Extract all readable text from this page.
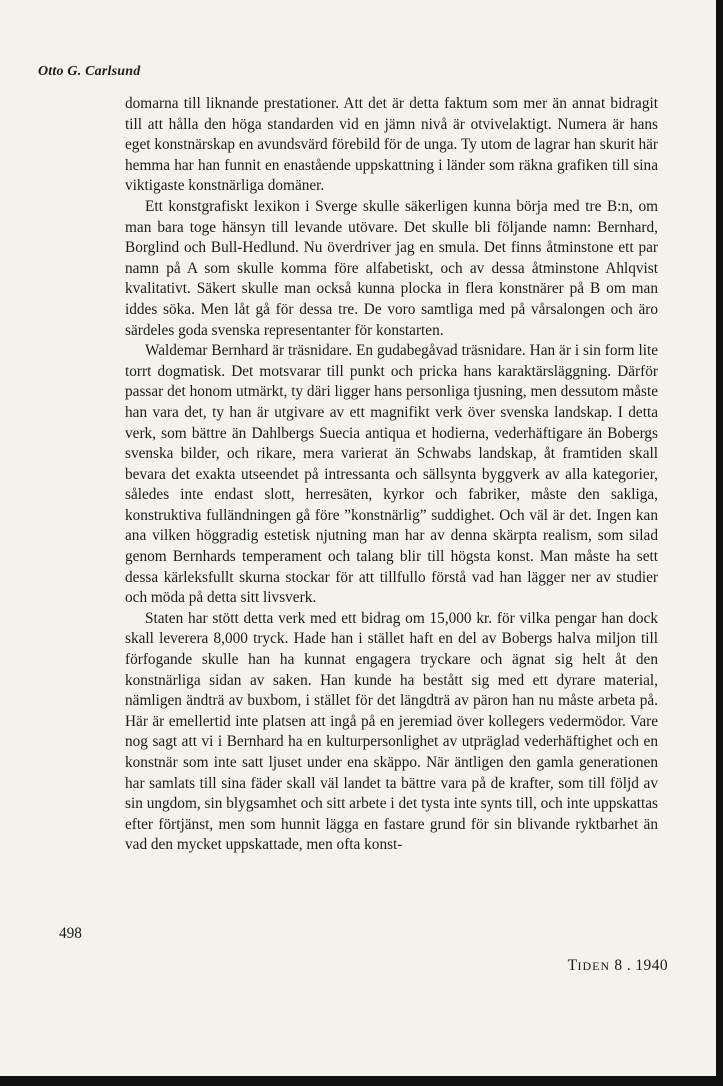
Otto G. Carlsund

domarna till liknande prestationer. Att det är detta faktum som mer än annat bidragit till att hålla den höga standarden vid en jämn nivå är otvivelaktigt. Numera är hans eget konstnärskap en avundsvärd förebild för de unga. Ty utom de lagrar han skurit här hemma har han funnit en enastående uppskattning i länder som räkna grafiken till sina viktigaste konstnärliga domäner.

Ett konstgrafiskt lexikon i Sverge skulle säkerligen kunna börja med tre B:n, om man bara toge hänsyn till levande utövare. Det skulle bli följande namn: Bernhard, Borglind och Bull-Hedlund. Nu överdriver jag en smula. Det finns åtminstone ett par namn på A som skulle komma före alfabetiskt, och av dessa åtminstone Ahlqvist kvalitativt. Säkert skulle man också kunna plocka in flera konstnärer på B om man iddes söka. Men låt gå för dessa tre. De voro samtliga med på vårsalongen och äro särdeles goda svenska representanter för konstarten.

Waldemar Bernhard är träsnidare. En gudabegåvad träsnidare. Han är i sin form lite torrt dogmatisk. Det motsvarar till punkt och pricka hans karaktärsläggning. Därför passar det honom utmärkt, ty däri ligger hans personliga tjusning, men dessutom måste han vara det, ty han är utgivare av ett magnifikt verk över svenska landskap. I detta verk, som bättre än Dahlbergs Suecia antiqua et hodierna, vederhäftigare än Bobergs svenska bilder, och rikare, mera varierat än Schwabs landskap, åt framtiden skall bevara det exakta utseendet på intressanta och sällsynta byggverk av alla kategorier, således inte endast slott, herresäten, kyrkor och fabriker, måste den sakliga, konstruktiva fulländningen gå före ”konstnärlig” suddighet. Och väl är det. Ingen kan ana vilken höggradig estetisk njutning man har av denna skärpta realism, som silad genom Bernhards temperament och talang blir till högsta konst. Man måste ha sett dessa kärleksfullt skurna stockar för att tillfullo förstå vad han lägger ner av studier och möda på detta sitt livsverk.

Staten har stött detta verk med ett bidrag om 15,000 kr. för vilka pengar han dock skall leverera 8,000 tryck. Hade han i stället haft en del av Bobergs halva miljon till förfogande skulle han ha kunnat engagera tryckare och ägnat sig helt åt den konstnärliga sidan av saken. Han kunde ha bestått sig med ett dyrare material, nämligen ändträ av buxbom, i stället för det längdträ av päron han nu måste arbeta på. Här är emellertid inte platsen att ingå på en jeremiad över kollegers vedermödor. Vare nog sagt att vi i Bernhard ha en kulturpersonlighet av utpräglad vederhäftighet och en konstnär som inte satt ljuset under ena skäppo. När äntligen den gamla generationen har samlats till sina fäder skall väl landet ta bättre vara på de krafter, som till följd av sin ungdom, sin blygsamhet och sitt arbete i det tysta inte synts till, och inte uppskattas efter förtjänst, men som hunnit lägga en fastare grund för sin blivande ryktbarhet än vad den mycket uppskattade, men ofta konst-

498
TIDEN 8 . 1940
